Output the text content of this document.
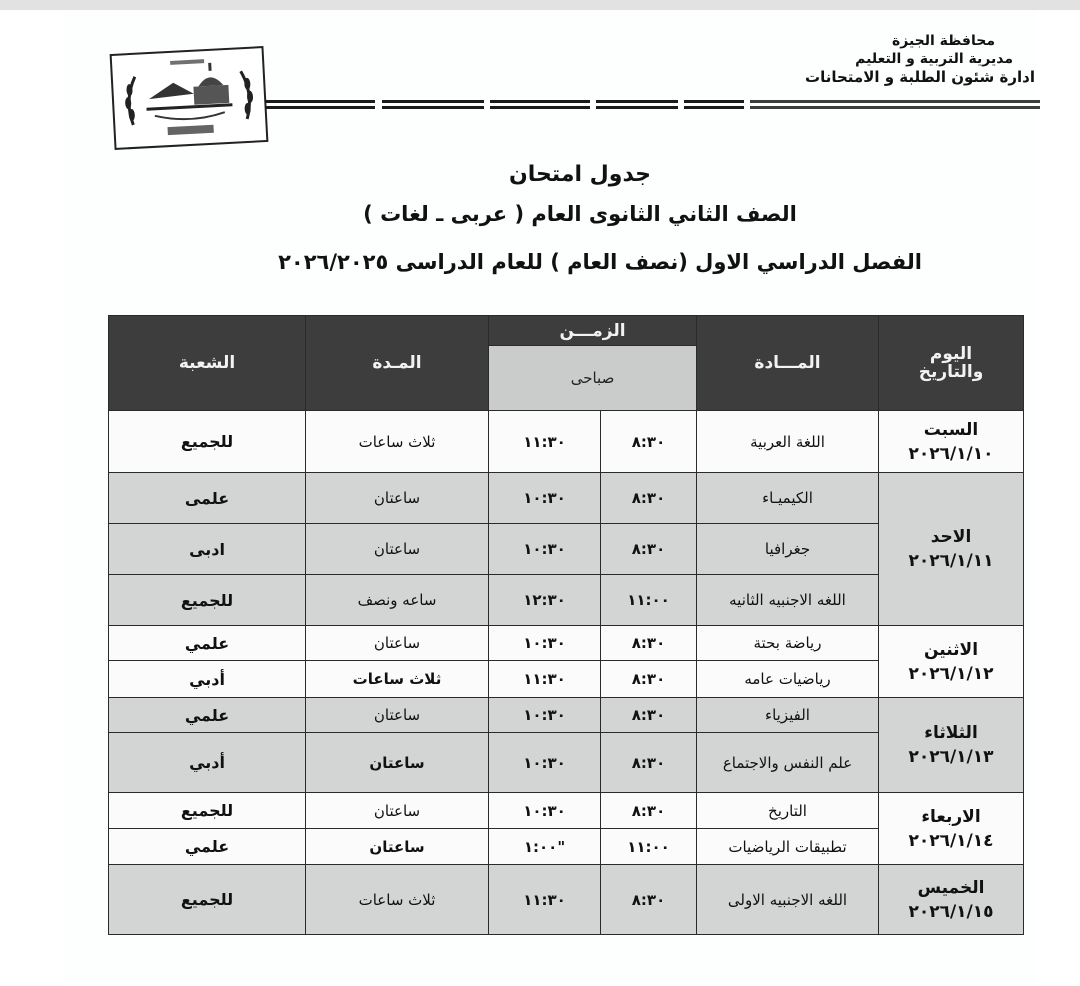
محافظة الجيزة
مديرية التربية و التعليم
ادارة شئون الطلبة و الامتحانات
جدول امتحان
الصف الثاني الثانوى العام ( عربى ـ لغات )
الفصل الدراسي الاول (نصف العام ) للعام الدراسى ٢٠٢٦/٢٠٢٥
اليوم والتاريخ
المـــادة
الزمـــن
صباحى
المـدة
الشعبة
السبت
٢٠٢٦/١/١٠
الاحد
٢٠٢٦/١/١١
الاثنين
٢٠٢٦/١/١٢
الثلاثاء
٢٠٢٦/١/١٣
الاربعاء
٢٠٢٦/١/١٤
الخميس
٢٠٢٦/١/١٥
اللغة العربية
٨:٣٠
١١:٣٠
ثلاث ساعات
للجميع
الكيميـاء
٨:٣٠
١٠:٣٠
ساعتان
علمى
جغرافيا
٨:٣٠
١٠:٣٠
ساعتان
ادبى
اللغه الاجنبيه الثانيه
١١:٠٠
١٢:٣٠
ساعه ونصف
للجميع
رياضة بحتة
٨:٣٠
١٠:٣٠
ساعتان
علمي
رياضيات عامه
٨:٣٠
١١:٣٠
ثلاث ساعات
أدبي
الفيزياء
٨:٣٠
١٠:٣٠
ساعتان
علمي
علم النفس والاجتماع
٨:٣٠
١٠:٣٠
ساعتان
أدبي
التاريخ
٨:٣٠
١٠:٣٠
ساعتان
للجميع
تطبيقات الرياضيات
١١:٠٠
"١:٠٠
ساعتان
علمي
اللغه الاجنبيه الاولى
٨:٣٠
١١:٣٠
ثلاث ساعات
للجميع
